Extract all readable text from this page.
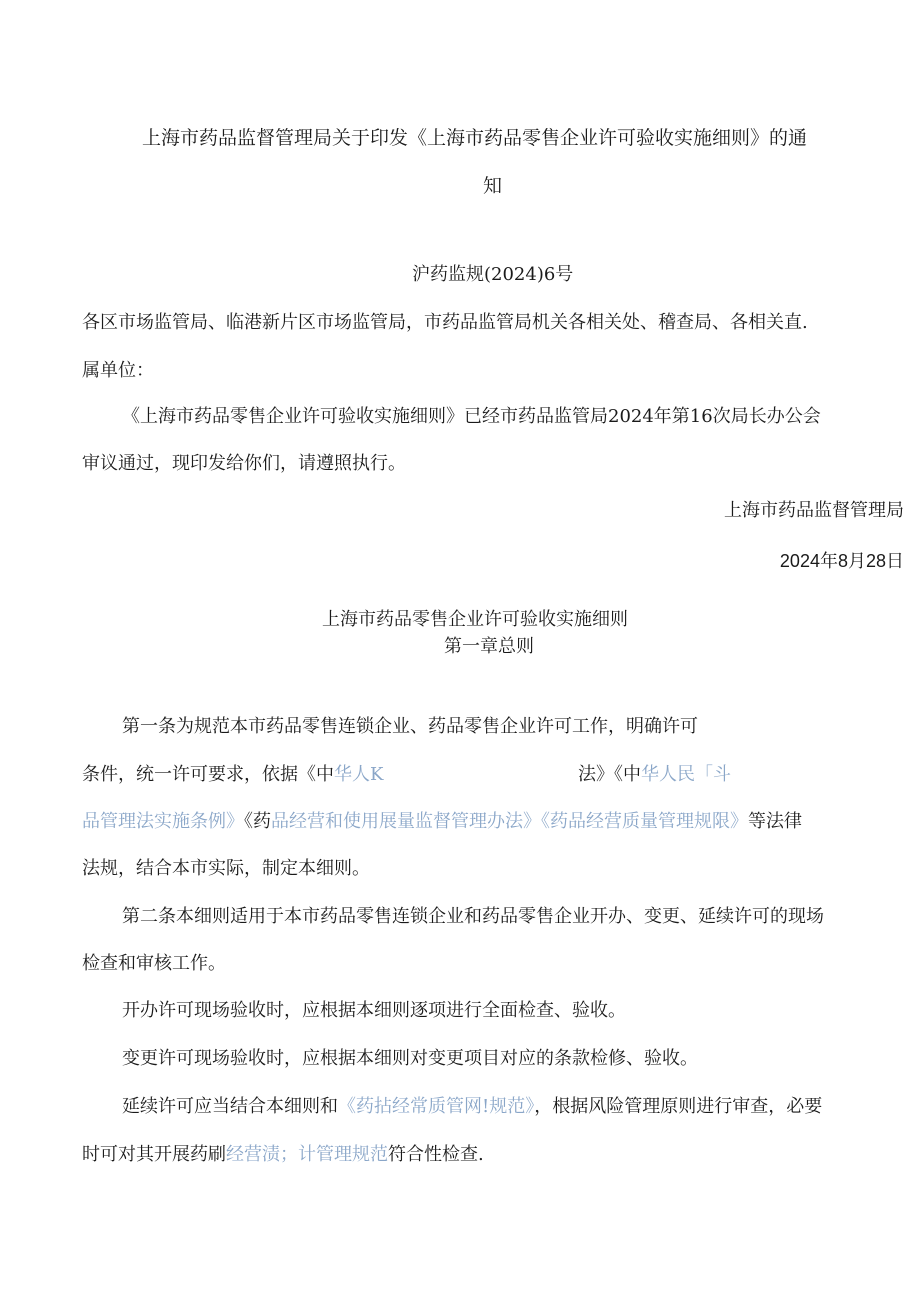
上海市药品监督管理局关于印发《上海市药品零售企业许可验收实施细则》的通
知
沪药监规(2024)6号
各区市场监管局、临港新片区市场监管局，市药品监管局机关各相关处、稽查局、各相关直.
属单位：
《上海市药品零售企业许可验收实施细则》已经市药品监管局2024年第16次局长办公会
审议通过，现印发给你们，请遵照执行。
上海市药品监督管理局
2024年8月28日
上海市药品零售企业许可验收实施细则
第一章总则
第一条为规范本市药品零售连锁企业、药品零售企业许可工作，明确许可
条件，统一许可要求，依据《中华人K	法》《中华人民「斗
品管理法实施条例》《药品经营和使用展量监督管理办法》《药品经营质量管理规限》等法律
法规，结合本市实际，制定本细则。
第二条本细则适用于本市药品零售连锁企业和药品零售企业开办、变更、延续许可的现场
检查和审核工作。
开办许可现场验收时，应根据本细则逐项进行全面检查、验收。
变更许可现场验收时，应根据本细则对变更项目对应的条款检修、验收。
延续许可应当结合本细则和《药拈经常质管网!规范》，根据风险管理原则进行审查，必要
时可对其开展药刷经营渍；计管理规范符合性检查.
